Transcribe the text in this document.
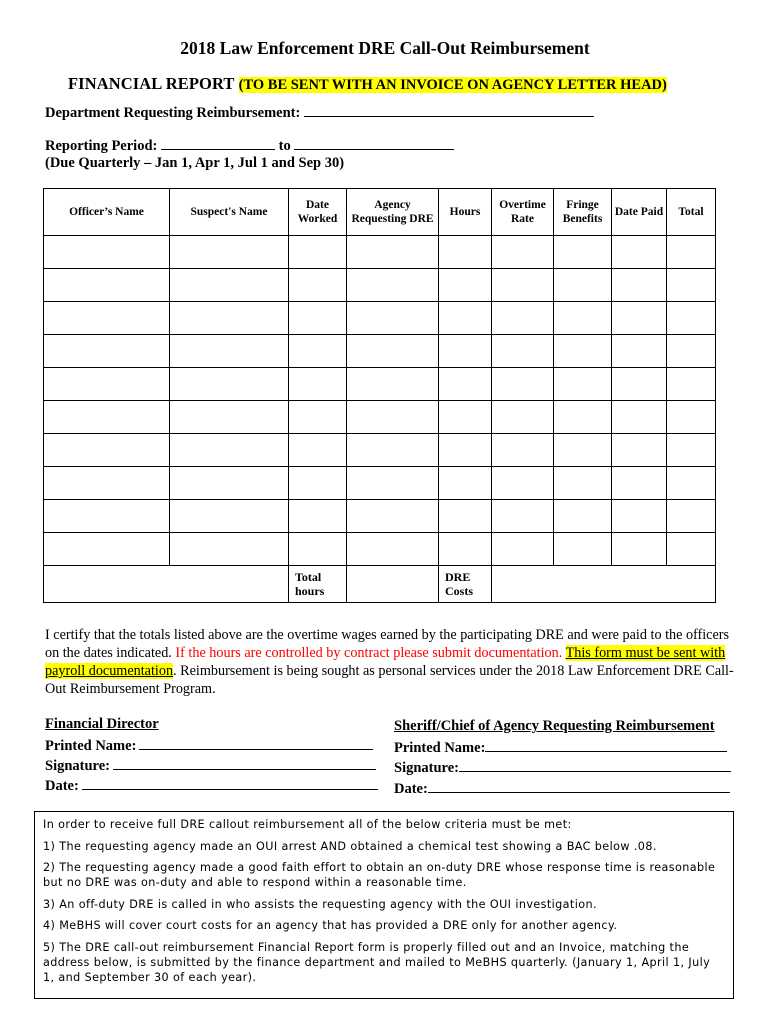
2018 Law Enforcement DRE Call-Out Reimbursement
FINANCIAL REPORT (TO BE SENT WITH AN INVOICE ON AGENCY LETTER HEAD)
Department Requesting Reimbursement:
Reporting Period:	to
(Due Quarterly – Jan 1, Apr 1, Jul 1 and Sep 30)
Officer’s Name	Suspect's Name	Date Worked	Agency Requesting DRE	Hours	Overtime Rate	Fringe Benefits	Date Paid	Total

		Total hours		DRE Costs				
I certify that the totals listed above are the overtime wages earned by the participating DRE and were paid to the officers on the dates indicated. If the hours are controlled by contract please submit documentation. This form must be sent with payroll documentation. Reimbursement is being sought as personal services under the 2018 Law Enforcement DRE Call-Out Reimbursement Program.
Financial Director
Printed Name:
Signature:
Date:
Sheriff/Chief of Agency Requesting Reimbursement
Printed Name:
Signature:
Date:

In order to receive full DRE callout reimbursement all of the below criteria must be met:

1) The requesting agency made an OUI arrest AND obtained a chemical test showing a BAC below .08.

2) The requesting agency made a good faith effort to obtain an on-duty DRE whose response time is reasonable but no DRE was on-duty and able to respond within a reasonable time.

3) An off-duty DRE is called in who assists the requesting agency with the OUI investigation.

4) MeBHS will cover court costs for an agency that has provided a DRE only for another agency.

5) The DRE call-out reimbursement Financial Report form is properly filled out and an Invoice, matching the address below, is submitted by the finance department and mailed to MeBHS quarterly. (January 1, April 1, July 1, and September 30 of each year).
